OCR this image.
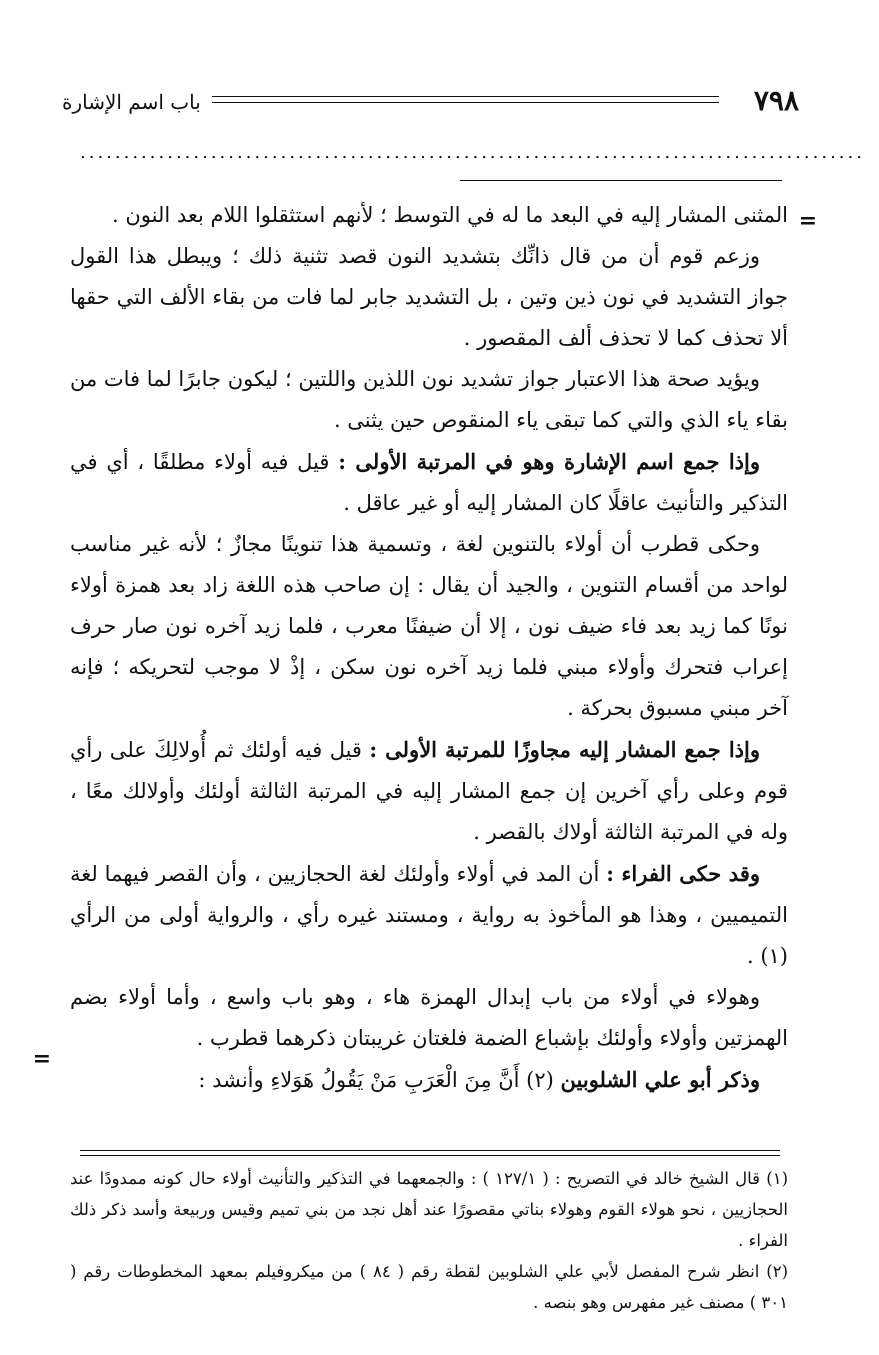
٧٩٨
باب اسم الإشارة
..........................................................................................
=
=

المثنى المشار إليه في البعد ما له في التوسط ؛ لأنهم استثقلوا اللام بعد النون .

وزعم قوم أن من قال ذانِّك بتشديد النون قصد تثنية ذلك ؛ ويبطل هذا القول جواز التشديد في نون ذين وتين ، بل التشديد جابر لما فات من بقاء الألف التي حقها ألا تحذف كما لا تحذف ألف المقصور .

ويؤيد صحة هذا الاعتبار جواز تشديد نون اللذين واللتين ؛ ليكون جابرًا لما فات من بقاء ياء الذي والتي كما تبقى ياء المنقوص حين يثنى .

وإذا جمع اسم الإشارة وهو في المرتبة الأولى : قيل فيه أولاء مطلقًا ، أي في التذكير والتأنيث عاقلًا كان المشار إليه أو غير عاقل .

وحكى قطرب أن أولاء بالتنوين لغة ، وتسمية هذا تنوينًا مجازٌ ؛ لأنه غير مناسب لواحد من أقسام التنوين ، والجيد أن يقال : إن صاحب هذه اللغة زاد بعد همزة أولاء نونًا كما زيد بعد فاء ضيف نون ، إلا أن ضيفنًا معرب ، فلما زيد آخره نون صار حرف إعراب فتحرك وأولاء مبني فلما زيد آخره نون سكن ، إذْ لا موجب لتحريكه ؛ فإنه آخر مبني مسبوق بحركة .

وإذا جمع المشار إليه مجاوزًا للمرتبة الأولى : قيل فيه أولئك ثم أُولالِكَ على رأي قوم وعلى رأي آخرين إن جمع المشار إليه في المرتبة الثالثة أولئك وأولالك معًا ، وله في المرتبة الثالثة أولاك بالقصر .

وقد حكى الفراء : أن المد في أولاء وأولئك لغة الحجازيين ، وأن القصر فيهما لغة التميميين ، وهذا هو المأخوذ به رواية ، ومستند غيره رأي ، والرواية أولى من الرأي (١) .

وهولاء في أولاء من باب إبدال الهمزة هاء ، وهو باب واسع ، وأما أولاء بضم الهمزتين وأولاء وأولئك بإشباع الضمة فلغتان غريبتان ذكرهما قطرب .

وذكر أبو علي الشلوبين (٢) أَنَّ مِنَ الْعَرَبِ مَنْ يَقُولُ هَوَلاءِ وأنشد :

(١) قال الشيخ خالد في التصريح : ( ١٢٧/١ ) : والجمعهما في التذكير والتأنيث أولاء حال كونه ممدودًا عند الحجازيين ، نحو هولاء القوم وهولاء بناتي مقصورًا عند أهل نجد من بني تميم وقيس وربيعة وأسد ذكر ذلك الفراء .

(٢) انظر شرح المفصل لأبي علي الشلوبين لقطة رقم ( ٨٤ ) من ميكروفيلم بمعهد المخطوطات رقم ( ٣٠١ ) مصنف غير مفهرس وهو بنصه .
